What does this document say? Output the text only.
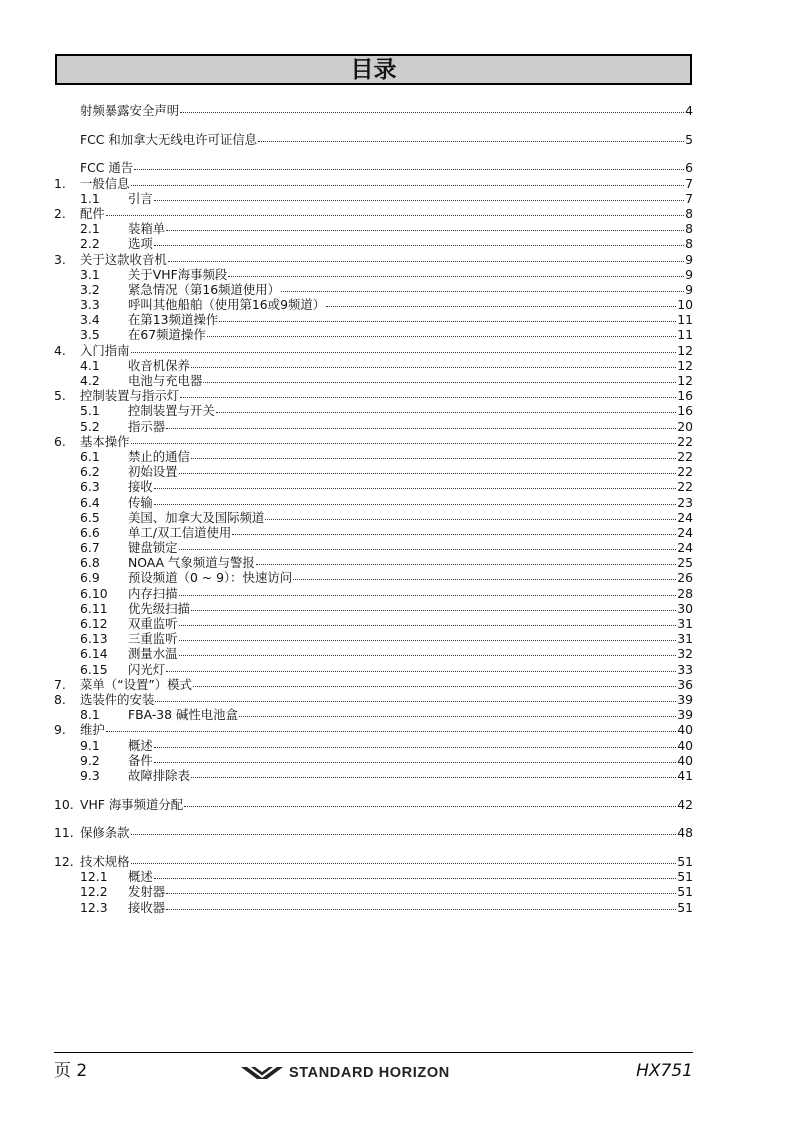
目录
射频暴露安全声明	4
FCC 和加拿大无线电许可证信息	5
FCC 通告	6
1.	一般信息	7
1.1	引言	7
2.	配件	8
2.1	装箱单	8
2.2	选项	8
3.	关于这款收音机	9
3.1	关于VHF海事频段	9
3.2	紧急情况（第16频道使用）	9
3.3	呼叫其他船舶（使用第16或9频道）	10
3.4	在第13频道操作	11
3.5	在67频道操作	11
4.	入门指南	12
4.1	收音机保养	12
4.2	电池与充电器	12
5.	控制装置与指示灯	16
5.1	控制装置与开关	16
5.2	指示器	20
6.	基本操作	22
6.1	禁止的通信	22
6.2	初始设置	22
6.3	接收	22
6.4	传输	23
6.5	美国、加拿大及国际频道	24
6.6	单工/双工信道使用	24
6.7	键盘锁定	24
6.8	NOAA 气象频道与警报	25
6.9	预设频道（0 ~ 9）：快速访问	26
6.10	内存扫描	28
6.11	优先级扫描	30
6.12	双重监听	31
6.13	三重监听	31
6.14	测量水温	32
6.15	闪光灯	33
7.	菜单（“设置”）模式	36
8.	选装件的安装	39
8.1	FBA-38 碱性电池盒	39
9.	维护	40
9.1	概述	40
9.2	备件	40
9.3	故障排除表	41
10. VHF 海事频道分配	42
11. 保修条款	48
12. 技术规格	51
12.1	概述	51
12.2	发射器	51
12.3	接收器	51
页 2	STANDARD HORIZON	HX751
